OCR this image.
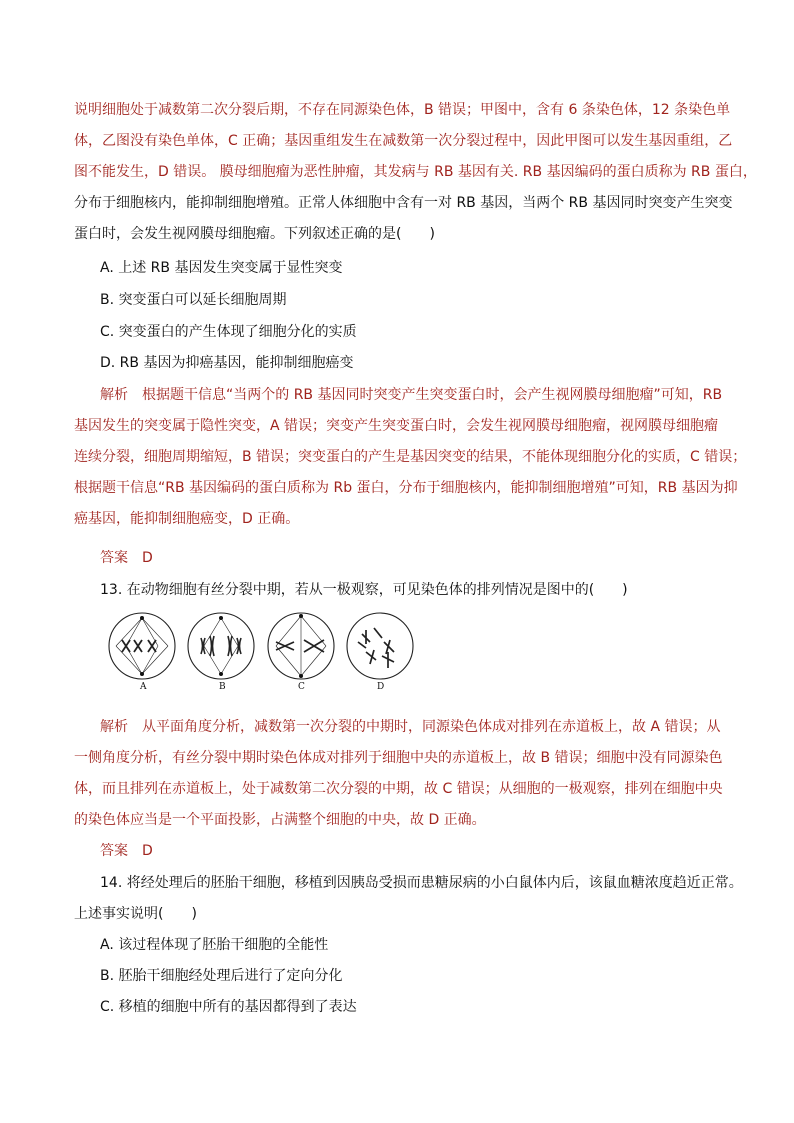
说明细胞处于减数第二次分裂后期，不存在同源染色体，B 错误；甲图中，含有 6 条染色体，12 条染色单
体，乙图没有染色单体，C 正确；基因重组发生在减数第一次分裂过程中，因此甲图可以发生基因重组，乙
图不能发生，D 错误。 膜母细胞瘤为恶性肿瘤，其发病与 RB 基因有关. RB 基因编码的蛋白质称为 RB 蛋白，
分布于细胞核内，能抑制细胞增殖。正常人体细胞中含有一对 RB 基因，当两个 RB 基因同时突变产生突变
蛋白时，会发生视网膜母细胞瘤。下列叙述正确的是(　　)
A. 上述 RB 基因发生突变属于显性突变
B. 突变蛋白可以延长细胞周期
C. 突变蛋白的产生体现了细胞分化的实质
D. RB 基因为抑癌基因，能抑制细胞癌变
解析　根据题干信息“当两个的 RB 基因同时突变产生突变蛋白时，会产生视网膜母细胞瘤”可知，RB
基因发生的突变属于隐性突变，A 错误；突变产生突变蛋白时，会发生视网膜母细胞瘤，视网膜母细胞瘤
连续分裂，细胞周期缩短，B 错误；突变蛋白的产生是基因突变的结果，不能体现细胞分化的实质，C 错误；
根据题干信息“RB 基因编码的蛋白质称为 Rb 蛋白，分布于细胞核内，能抑制细胞增殖”可知，RB 基因为抑
癌基因，能抑制细胞癌变，D 正确。
答案　D
13. 在动物细胞有丝分裂中期，若从一极观察，可见染色体的排列情况是图中的(　　)
A	B	C	D
解析　从平面角度分析，减数第一次分裂的中期时，同源染色体成对排列在赤道板上，故 A 错误；从
一侧角度分析，有丝分裂中期时染色体成对排列于细胞中央的赤道板上，故 B 错误；细胞中没有同源染色
体，而且排列在赤道板上，处于减数第二次分裂的中期，故 C 错误；从细胞的一极观察，排列在细胞中央
的染色体应当是一个平面投影，占满整个细胞的中央，故 D 正确。
答案　D
14. 将经处理后的胚胎干细胞，移植到因胰岛受损而患糖尿病的小白鼠体内后，该鼠血糖浓度趋近正常。
上述事实说明(　　)
A. 该过程体现了胚胎干细胞的全能性
B. 胚胎干细胞经处理后进行了定向分化
C. 移植的细胞中所有的基因都得到了表达
